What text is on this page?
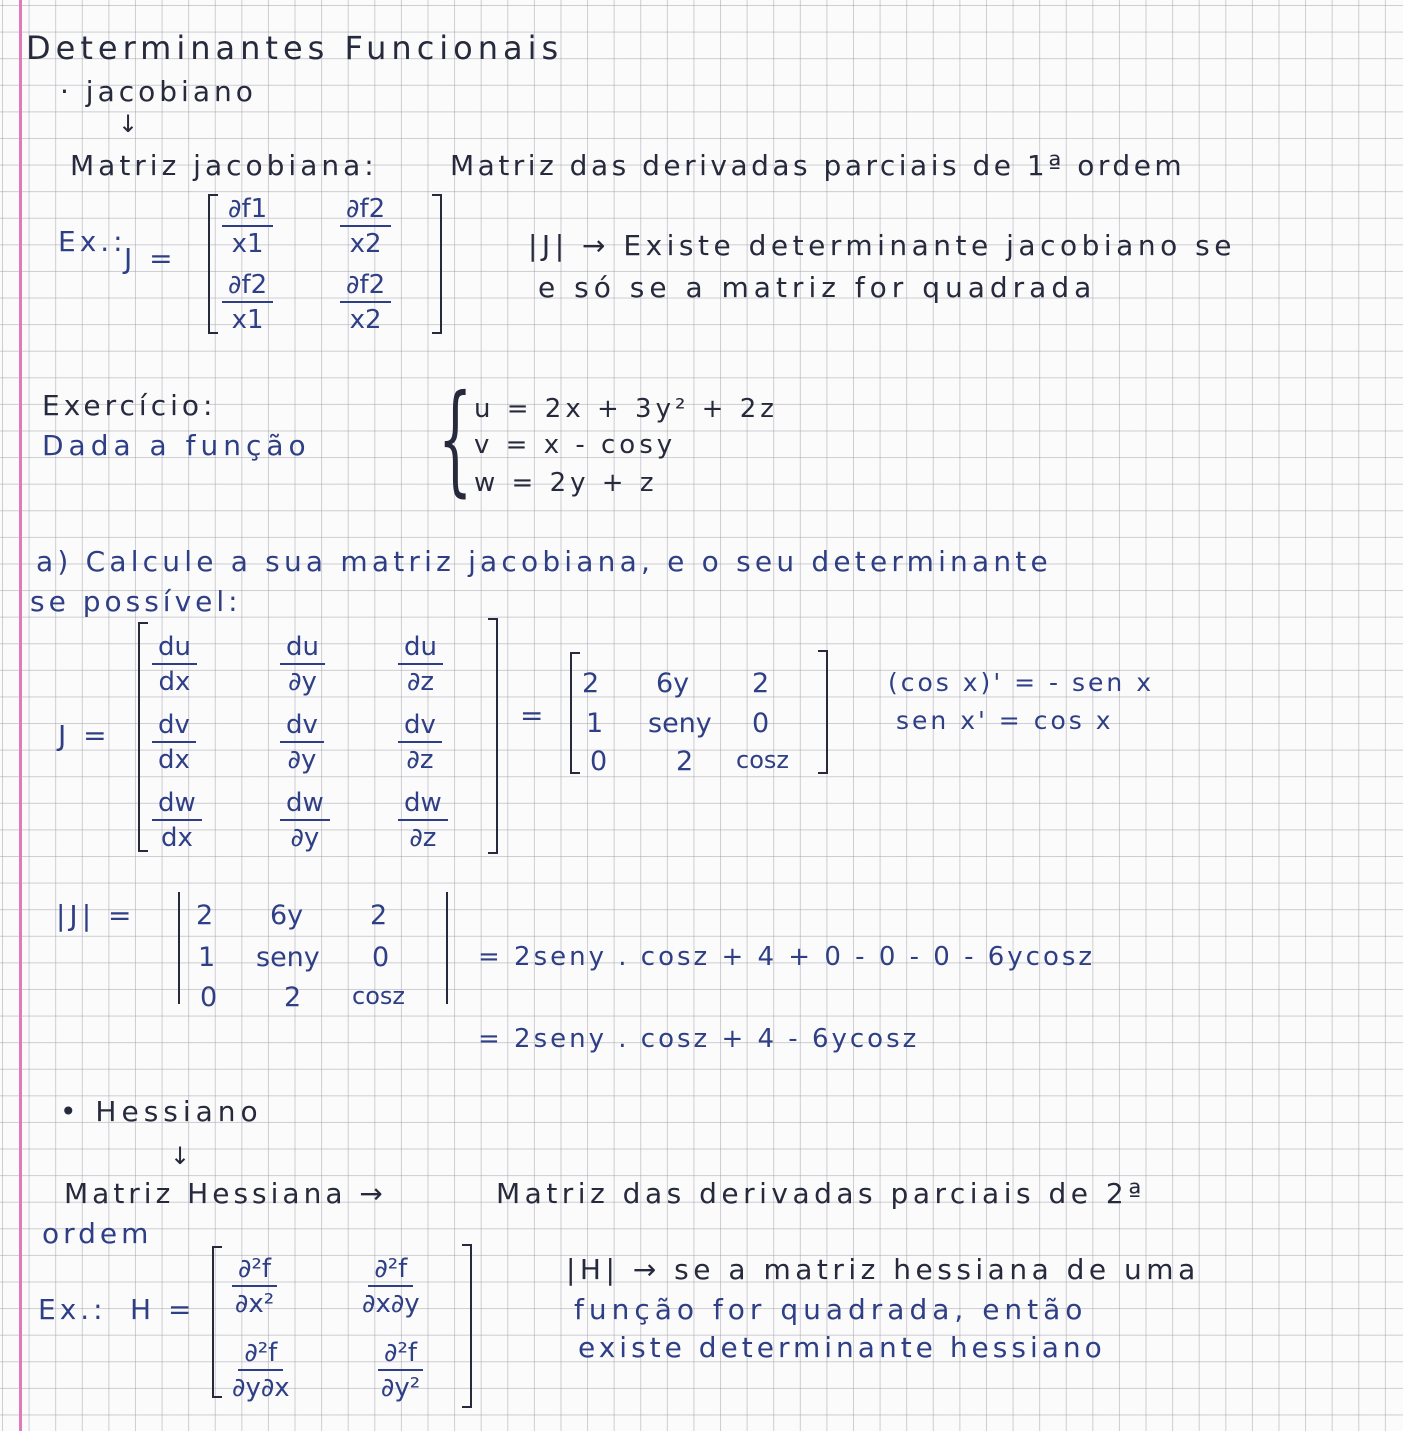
Determinantes Funcionais
· jacobiano
↓
Matriz jacobiana:	Matriz das derivadas parciais de 1ª ordem
Ex.:
J =
$\frac{\partial f1}{x1}$	$\frac{\partial f2}{x2}$
$\frac{\partial f2}{x1}$	$\frac{\partial f2}{x2}$
|J| → Existe determinante jacobiano se
e só se a matriz for quadrada
Exercício:
Dada a função { u = 2x + 3y² + 2z
v = x - cosy
w = 2y + z
a) Calcule a sua matriz jacobiana, e o seu determinante
se possível:
J =
$\frac{du}{dx}$	$\frac{du}{\partial y}$	$\frac{du}{\partial z}$
$\frac{dv}{dx}$	$\frac{dv}{\partial y}$	$\frac{dv}{\partial z}$
$\frac{dw}{dx}$	$\frac{dw}{\partial y}$	$\frac{dw}{\partial z}$
=
2 6y 2
1 seny 0
0	2 cosz
(cos x)' = - sen x
sen x' = cos x
|J| = 2 6y 2
1 seny 0
0 2 cosz
= 2seny . cosz + 4 + 0 - 0 - 0 - 6ycosz
= 2seny . cosz + 4 - 6ycosz
• Hessiano
↓
Matriz Hessiana →	Matriz das derivadas parciais de 2ª
ordem
Ex.: $H = \frac{\text{∂²f}}{\text{∂x²}}$	$\frac{\text{∂²f}}{\partial x\partial y}$
$\frac{\text{∂²f}}{\partial y\partial x}$	$\frac{\text{∂²f}}{\text{∂y²}}$
|H| → se a matriz hessiana de uma
função for quadrada, então
existe determinante hessiano
